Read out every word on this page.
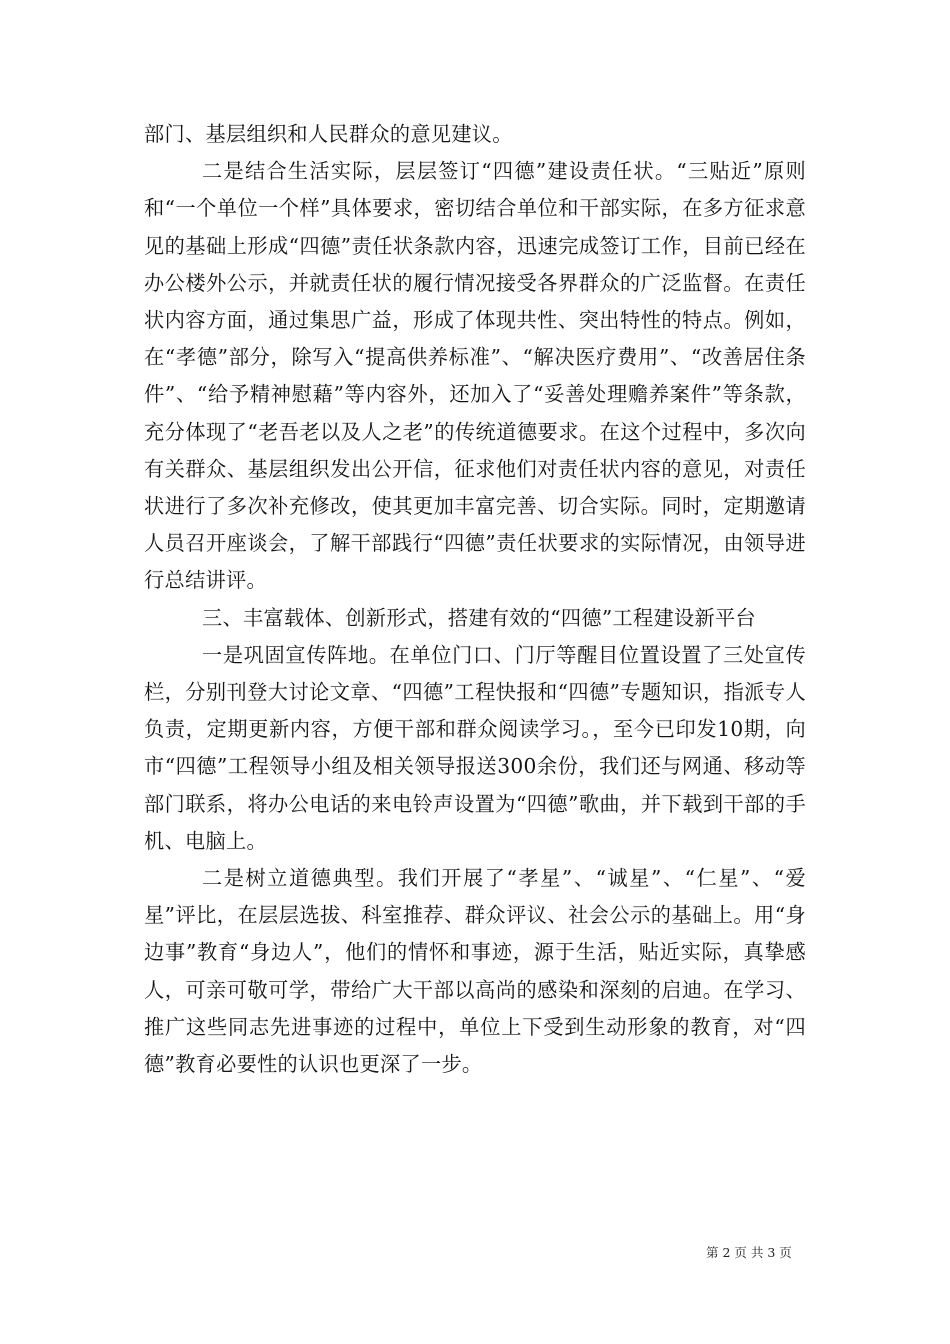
部门、基层组织和人民群众的意见建议。

二是结合生活实际，层层签订“四德”建设责任状。“三贴近”原则和“一个单位一个样”具体要求，密切结合单位和干部实际，在多方征求意见的基础上形成“四德”责任状条款内容，迅速完成签订工作，目前已经在办公楼外公示，并就责任状的履行情况接受各界群众的广泛监督。在责任状内容方面，通过集思广益，形成了体现共性、突出特性的特点。例如，在“孝德”部分，除写入“提高供养标准”、“解决医疗费用”、“改善居住条件”、“给予精神慰藉”等内容外，还加入了“妥善处理赡养案件”等条款，充分体现了“老吾老以及人之老”的传统道德要求。在这个过程中，多次向有关群众、基层组织发出公开信，征求他们对责任状内容的意见，对责任状进行了多次补充修改，使其更加丰富完善、切合实际。同时，定期邀请人员召开座谈会，了解干部践行“四德”责任状要求的实际情况，由领导进行总结讲评。

三、丰富载体、创新形式，搭建有效的“四德”工程建设新平台

一是巩固宣传阵地。在单位门口、门厅等醒目位置设置了三处宣传栏，分别刊登大讨论文章、“四德”工程快报和“四德”专题知识，指派专人负责，定期更新内容，方便干部和群众阅读学习。，至今已印发10期，向市“四德”工程领导小组及相关领导报送300余份，我们还与网通、移动等部门联系，将办公电话的来电铃声设置为“四德”歌曲，并下载到干部的手机、电脑上。

二是树立道德典型。我们开展了“孝星”、“诚星”、“仁星”、“爱星”评比，在层层选拔、科室推荐、群众评议、社会公示的基础上。用“身边事”教育“身边人”，他们的情怀和事迹，源于生活，贴近实际，真挚感人，可亲可敬可学，带给广大干部以高尚的感染和深刻的启迪。在学习、推广这些同志先进事迹的过程中，单位上下受到生动形象的教育，对“四德”教育必要性的认识也更深了一步。

第 2 页 共 3 页
